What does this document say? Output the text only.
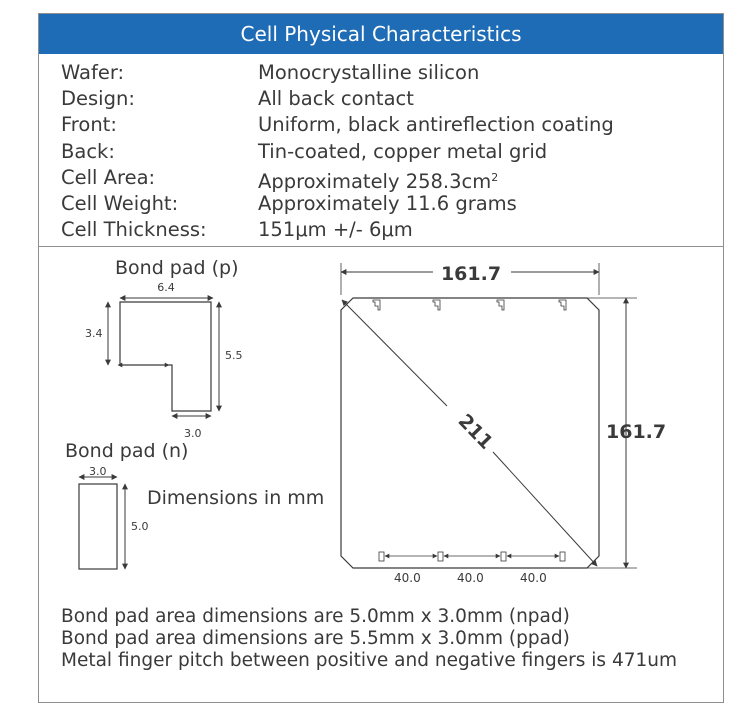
Cell Physical Characteristics
Wafer:	Monocrystalline silicon
Design:	All back contact
Front:	Uniform, black antireflection coating
Back:	Tin-coated, copper metal grid
Cell Area:	Approximately $258.3cm^2$
Cell Weight:	Approximately 11.6 grams
Cell Thickness:	151μm +/- 6μm
Bond pad (p)
6.4
3.4
5.5
3.0
Bond pad (n)
3.0
5.0
Dimensions in mm
40.0	40.0	40.0
161.7
161.7
211
Bond pad area dimensions are 5.0mm x 3.0mm (npad)
Bond pad area dimensions are 5.5mm x 3.0mm (ppad)
Metal finger pitch between positive and negative fingers is 471um
